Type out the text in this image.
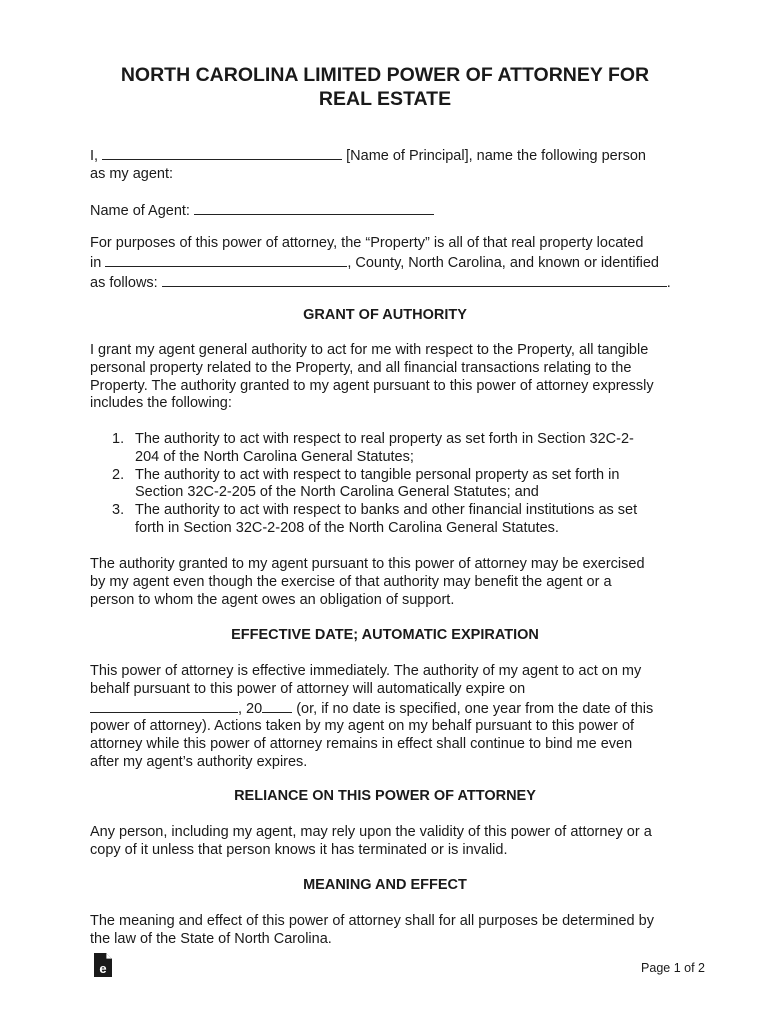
NORTH CAROLINA LIMITED POWER OF ATTORNEY FOR
REAL ESTATE

I,	[Name of Principal], name the following person

as my agent:

Name of Agent:

For purposes of this power of attorney, the “Property” is all of that real property located

in	, County, North Carolina, and known or identified

as follows:	.

GRANT OF AUTHORITY

I grant my agent general authority to act for me with respect to the Property, all tangible

personal property related to the Property, and all financial transactions relating to the

Property. The authority granted to my agent pursuant to this power of attorney expressly

includes the following:

1. The authority to act with respect to real property as set forth in Section 32C-2-

204 of the North Carolina General Statutes;

2. The authority to act with respect to tangible personal property as set forth in

Section 32C-2-205 of the North Carolina General Statutes; and

3. The authority to act with respect to banks and other financial institutions as set

forth in Section 32C-2-208 of the North Carolina General Statutes.

The authority granted to my agent pursuant to this power of attorney may be exercised

by my agent even though the exercise of that authority may benefit the agent or a

person to whom the agent owes an obligation of support.

EFFECTIVE DATE; AUTOMATIC EXPIRATION

This power of attorney is effective immediately. The authority of my agent to act on my

behalf pursuant to this power of attorney will automatically expire on

, 20 (or, if no date is specified, one year from the date of this

power of attorney). Actions taken by my agent on my behalf pursuant to this power of

attorney while this power of attorney remains in effect shall continue to bind me even

after my agent’s authority expires.

RELIANCE ON THIS POWER OF ATTORNEY

Any person, including my agent, may rely upon the validity of this power of attorney or a

copy of it unless that person knows it has terminated or is invalid.

MEANING AND EFFECT

The meaning and effect of this power of attorney shall for all purposes be determined by

the law of the State of North Carolina.

e	Page 1 of 2
